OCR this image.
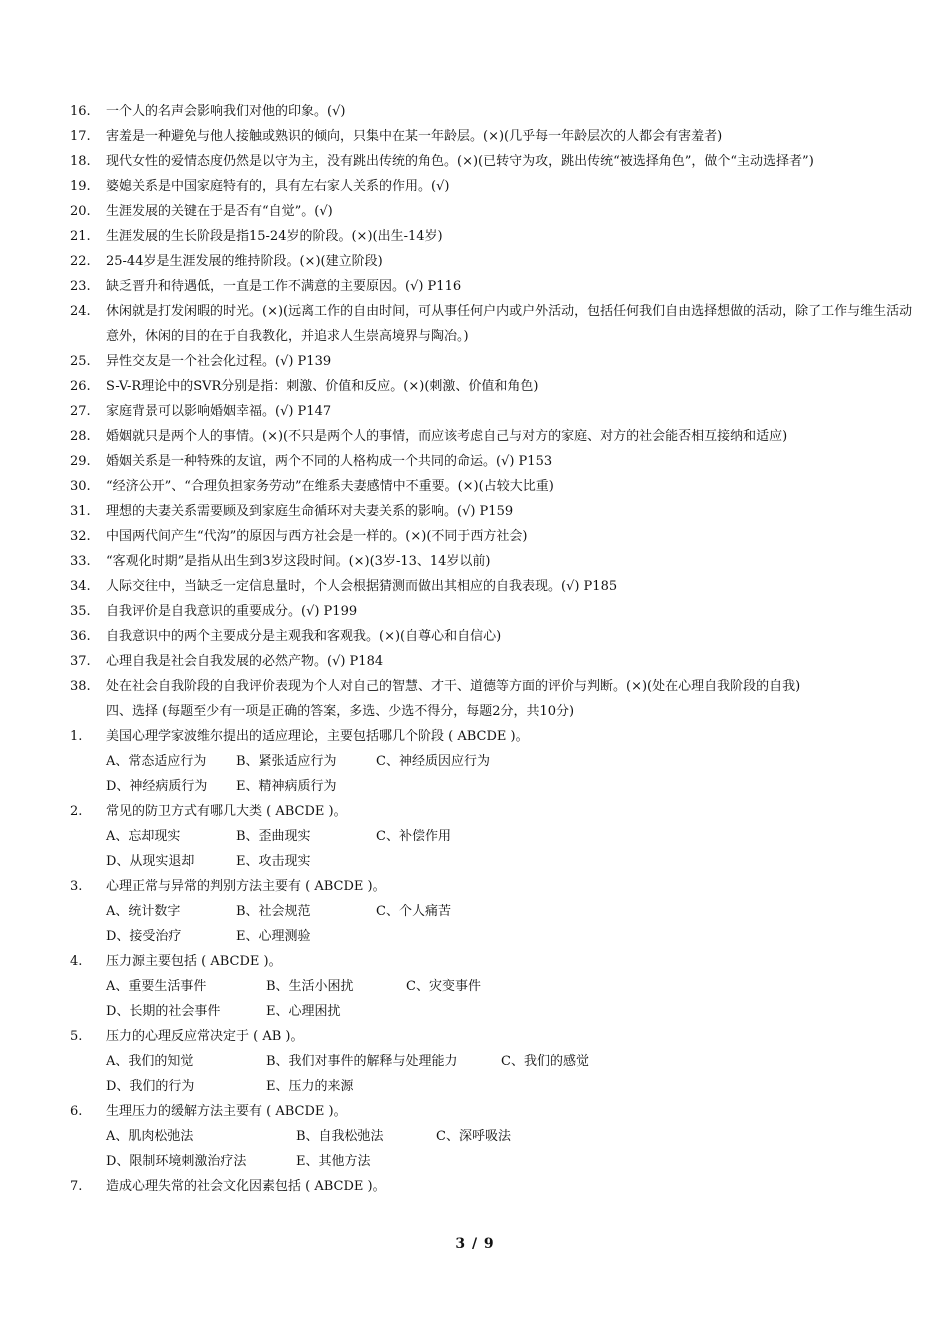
16.	一个人的名声会影响我们对他的印象。(√)
17.	害羞是一种避免与他人接触或熟识的倾向，只集中在某一年龄层。(×)(几乎每一年龄层次的人都会有害羞者)
18.	现代女性的爱情态度仍然是以守为主，没有跳出传统的角色。(×)(已转守为攻，跳出传统“被选择角色”，做个“主动选择者”)
19.	婆媳关系是中国家庭特有的，具有左右家人关系的作用。(√)
20.	生涯发展的关键在于是否有“自觉”。(√)
21.	生涯发展的生长阶段是指15-24岁的阶段。(×)(出生-14岁)
22.	25-44岁是生涯发展的维持阶段。(×)(建立阶段)
23.	缺乏晋升和待遇低，一直是工作不满意的主要原因。(√) P116
24.	休闲就是打发闲暇的时光。(×)(远离工作的自由时间，可从事任何户内或户外活动，包括任何我们自由选择想做的活动，除了工作与维生活动意外，休闲的目的在于自我教化，并追求人生崇高境界与陶冶。)
25.	异性交友是一个社会化过程。(√) P139
26.	S-V-R理论中的SVR分别是指：刺激、价值和反应。(×)(刺激、价值和角色)
27.	家庭背景可以影响婚姻幸福。(√) P147
28.	婚姻就只是两个人的事情。(×)(不只是两个人的事情，而应该考虑自己与对方的家庭、对方的社会能否相互接纳和适应)
29.	婚姻关系是一种特殊的友谊，两个不同的人格构成一个共同的命运。(√) P153
30.	“经济公开”、“合理负担家务劳动”在维系夫妻感情中不重要。(×)(占较大比重)
31.	理想的夫妻关系需要顾及到家庭生命循环对夫妻关系的影响。(√) P159
32.	中国两代间产生“代沟”的原因与西方社会是一样的。(×)(不同于西方社会)
33.	“客观化时期”是指从出生到3岁这段时间。(×)(3岁-13、14岁以前)
34.	人际交往中，当缺乏一定信息量时，个人会根据猜测而做出其相应的自我表现。(√) P185
35.	自我评价是自我意识的重要成分。(√) P199
36.	自我意识中的两个主要成分是主观我和客观我。(×)(自尊心和自信心)
37.	心理自我是社会自我发展的必然产物。(√) P184
38.	处在社会自我阶段的自我评价表现为个人对自己的智慧、才干、道德等方面的评价与判断。(×)(处在心理自我阶段的自我)
四、选择 (每题至少有一项是正确的答案，多选、少选不得分，每题2分，共10分)
1.	美国心理学家波维尔提出的适应理论，主要包括哪几个阶段 ( ABCDE )。
A、常态适应行为 B、紧张适应行为	C、神经质因应行为
D、神经病质行为 E、精神病质行为
2.	常见的防卫方式有哪几大类 ( ABCDE )。
A、忘却现实	B、歪曲现实	C、补偿作用
D、从现实退却	E、攻击现实
3.	心理正常与异常的判别方法主要有 ( ABCDE )。
A、统计数字	B、社会规范	C、个人痛苦
D、接受治疗	E、心理测验
4.	压力源主要包括 ( ABCDE )。
A、重要生活事件	B、生活小困扰	C、灾变事件
D、长期的社会事件	E、心理困扰
5.	压力的心理反应常决定于 ( AB )。
A、我们的知觉	B、我们对事件的解释与处理能力	C、我们的感觉
D、我们的行为	E、压力的来源
6.	生理压力的缓解方法主要有 ( ABCDE )。
A、肌肉松弛法	B、自我松弛法	C、深呼吸法
D、限制环境刺激治疗法	E、其他方法
7.	造成心理失常的社会文化因素包括 ( ABCDE )。
3 / 9
